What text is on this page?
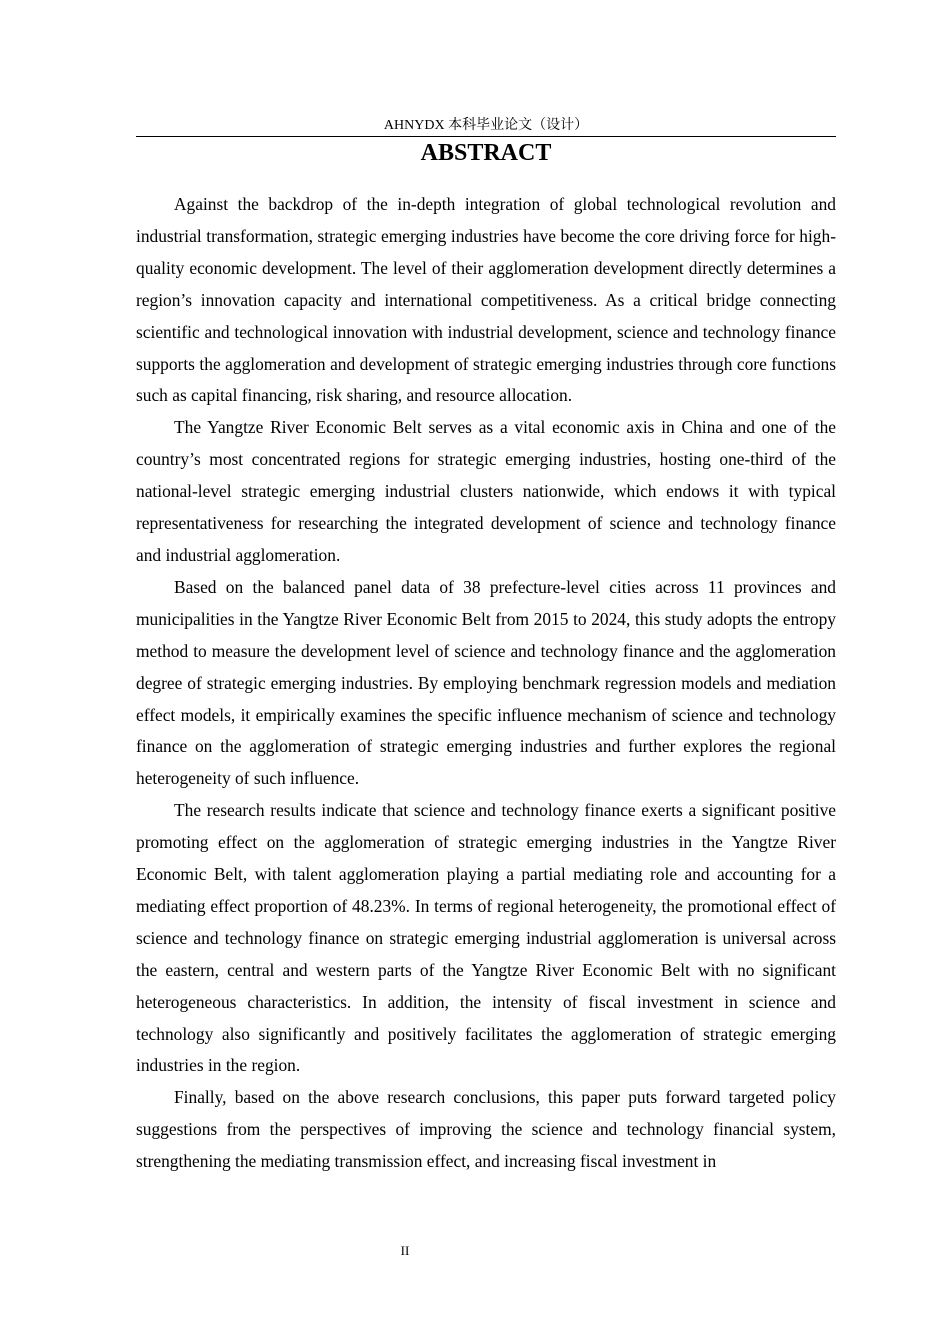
AHNYDX 本科毕业论文（设计）
ABSTRACT

Against the backdrop of the in-depth integration of global technological revolution and industrial transformation, strategic emerging industries have become the core driving force for high-quality economic development. The level of their agglomeration development directly determines a region’s innovation capacity and international competitiveness. As a critical bridge connecting scientific and technological innovation with industrial development, science and technology finance supports the agglomeration and development of strategic emerging industries through core functions such as capital financing, risk sharing, and resource allocation.

The Yangtze River Economic Belt serves as a vital economic axis in China and one of the country’s most concentrated regions for strategic emerging industries, hosting one-third of the national-level strategic emerging industrial clusters nationwide, which endows it with typical representativeness for researching the integrated development of science and technology finance and industrial agglomeration.

Based on the balanced panel data of 38 prefecture-level cities across 11 provinces and municipalities in the Yangtze River Economic Belt from 2015 to 2024, this study adopts the entropy method to measure the development level of science and technology finance and the agglomeration degree of strategic emerging industries. By employing benchmark regression models and mediation effect models, it empirically examines the specific influence mechanism of science and technology finance on the agglomeration of strategic emerging industries and further explores the regional heterogeneity of such influence.

The research results indicate that science and technology finance exerts a significant positive promoting effect on the agglomeration of strategic emerging industries in the Yangtze River Economic Belt, with talent agglomeration playing a partial mediating role and accounting for a mediating effect proportion of 48.23%. In terms of regional heterogeneity, the promotional effect of science and technology finance on strategic emerging industrial agglomeration is universal across the eastern, central and western parts of the Yangtze River Economic Belt with no significant heterogeneous characteristics. In addition, the intensity of fiscal investment in science and technology also significantly and positively facilitates the agglomeration of strategic emerging industries in the region.

Finally, based on the above research conclusions, this paper puts forward targeted policy suggestions from the perspectives of improving the science and technology financial system, strengthening the mediating transmission effect, and increasing fiscal investment in

II
